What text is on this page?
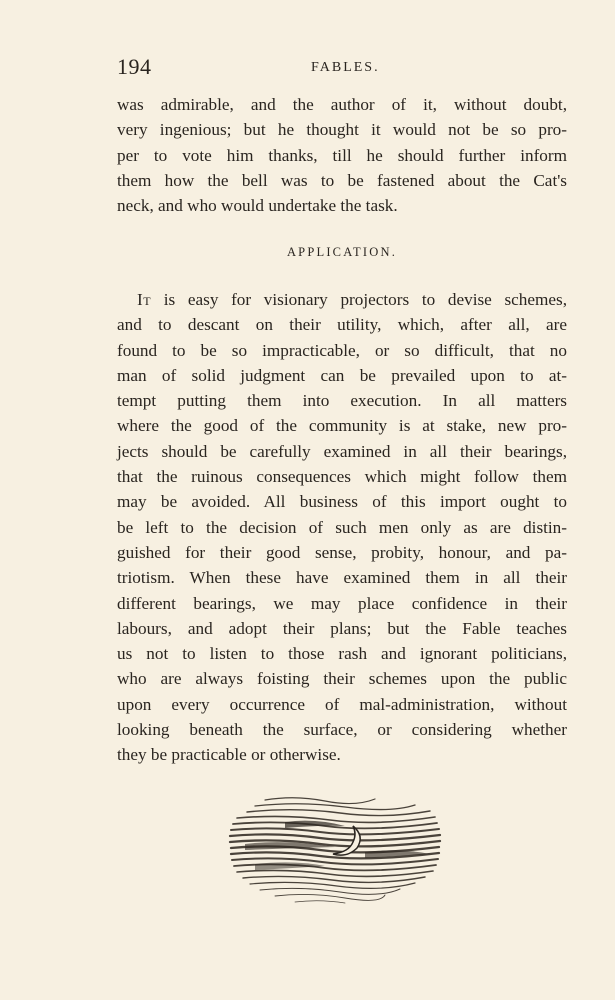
194	FABLES.
was admirable, and the author of it, without doubt,
very ingenious; but he thought it would not be so pro-
per to vote him thanks, till he should further inform
them how the bell was to be fastened about the Cat's
neck, and who would undertake the task.
APPLICATION.
It is easy for visionary projectors to devise schemes,
and to descant on their utility, which, after all, are
found to be so impracticable, or so difficult, that no
man of solid judgment can be prevailed upon to at-
tempt putting them into execution. In all matters
where the good of the community is at stake, new pro-
jects should be carefully examined in all their bearings,
that the ruinous consequences which might follow them
may be avoided. All business of this import ought to
be left to the decision of such men only as are distin-
guished for their good sense, probity, honour, and pa-
triotism. When these have examined them in all their
different bearings, we may place confidence in their
labours, and adopt their plans; but the Fable teaches
us not to listen to those rash and ignorant politicians,
who are always foisting their schemes upon the public
upon every occurrence of mal-administration, without
looking beneath the surface, or considering whether
they be practicable or otherwise.
